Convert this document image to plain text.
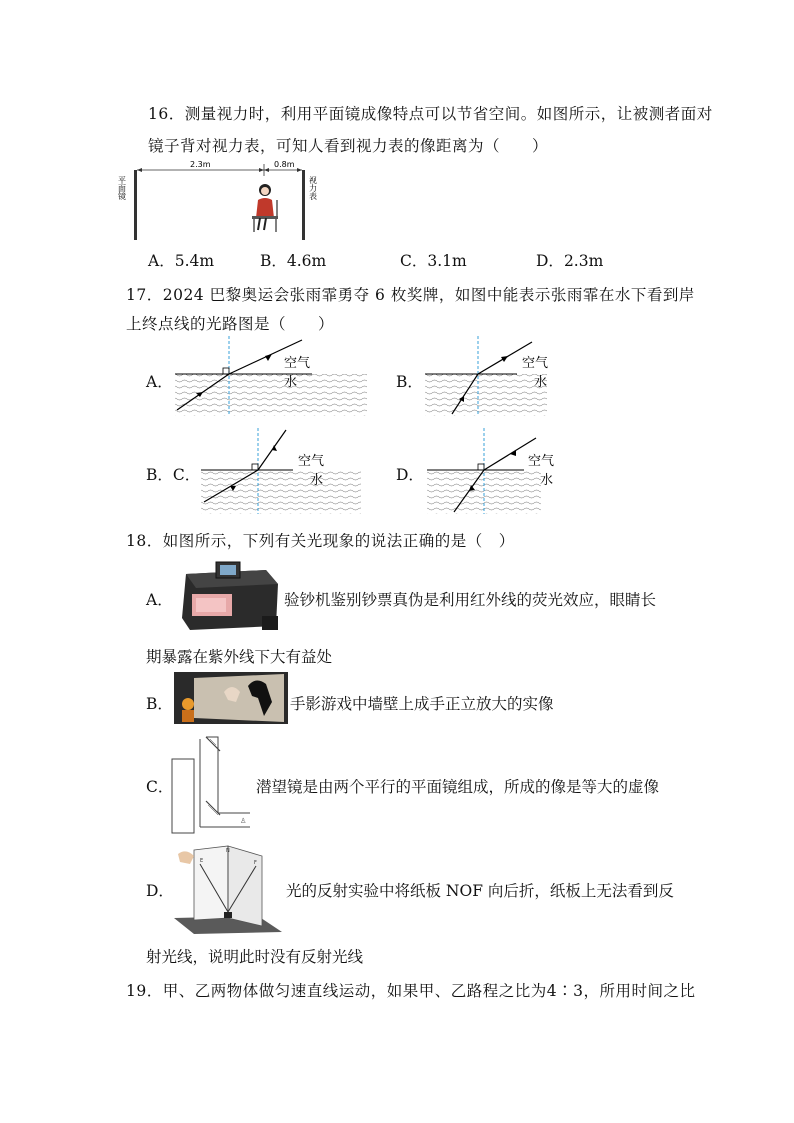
16．测量视力时，利用平面镜成像特点可以节省空间。如图所示，让被测者面对
镜子背对视力表，可知人看到视力表的像距离为（　　）
平面镜	视力表
2.3m	0.8m
A．5.4m	B．4.6m	C．3.1m	D．2.3m
17．2024 巴黎奥运会张雨霏勇夺 6 枚奖牌，如图中能表示张雨霏在水下看到岸
上终点线的光路图是（　　）
A．
空气
水	B．
空气
水
B．C．
空气
水	D．
空气
水
18．如图所示，下列有关光现象的说法正确的是（　）
A．	验钞机鉴别钞票真伪是利用红外线的荧光效应，眼睛长
期暴露在紫外线下大有益处
B．	手影游戏中墙壁上成手正立放大的实像
C．
♙
潜望镜是由两个平行的平面镜组成，所成的像是等大的虚像
D．
N
E	F
光的反射实验中将纸板 NOF 向后折，纸板上无法看到反
射光线，说明此时没有反射光线
19．甲、乙两物体做匀速直线运动，如果甲、乙路程之比为4∶3，所用时间之比
